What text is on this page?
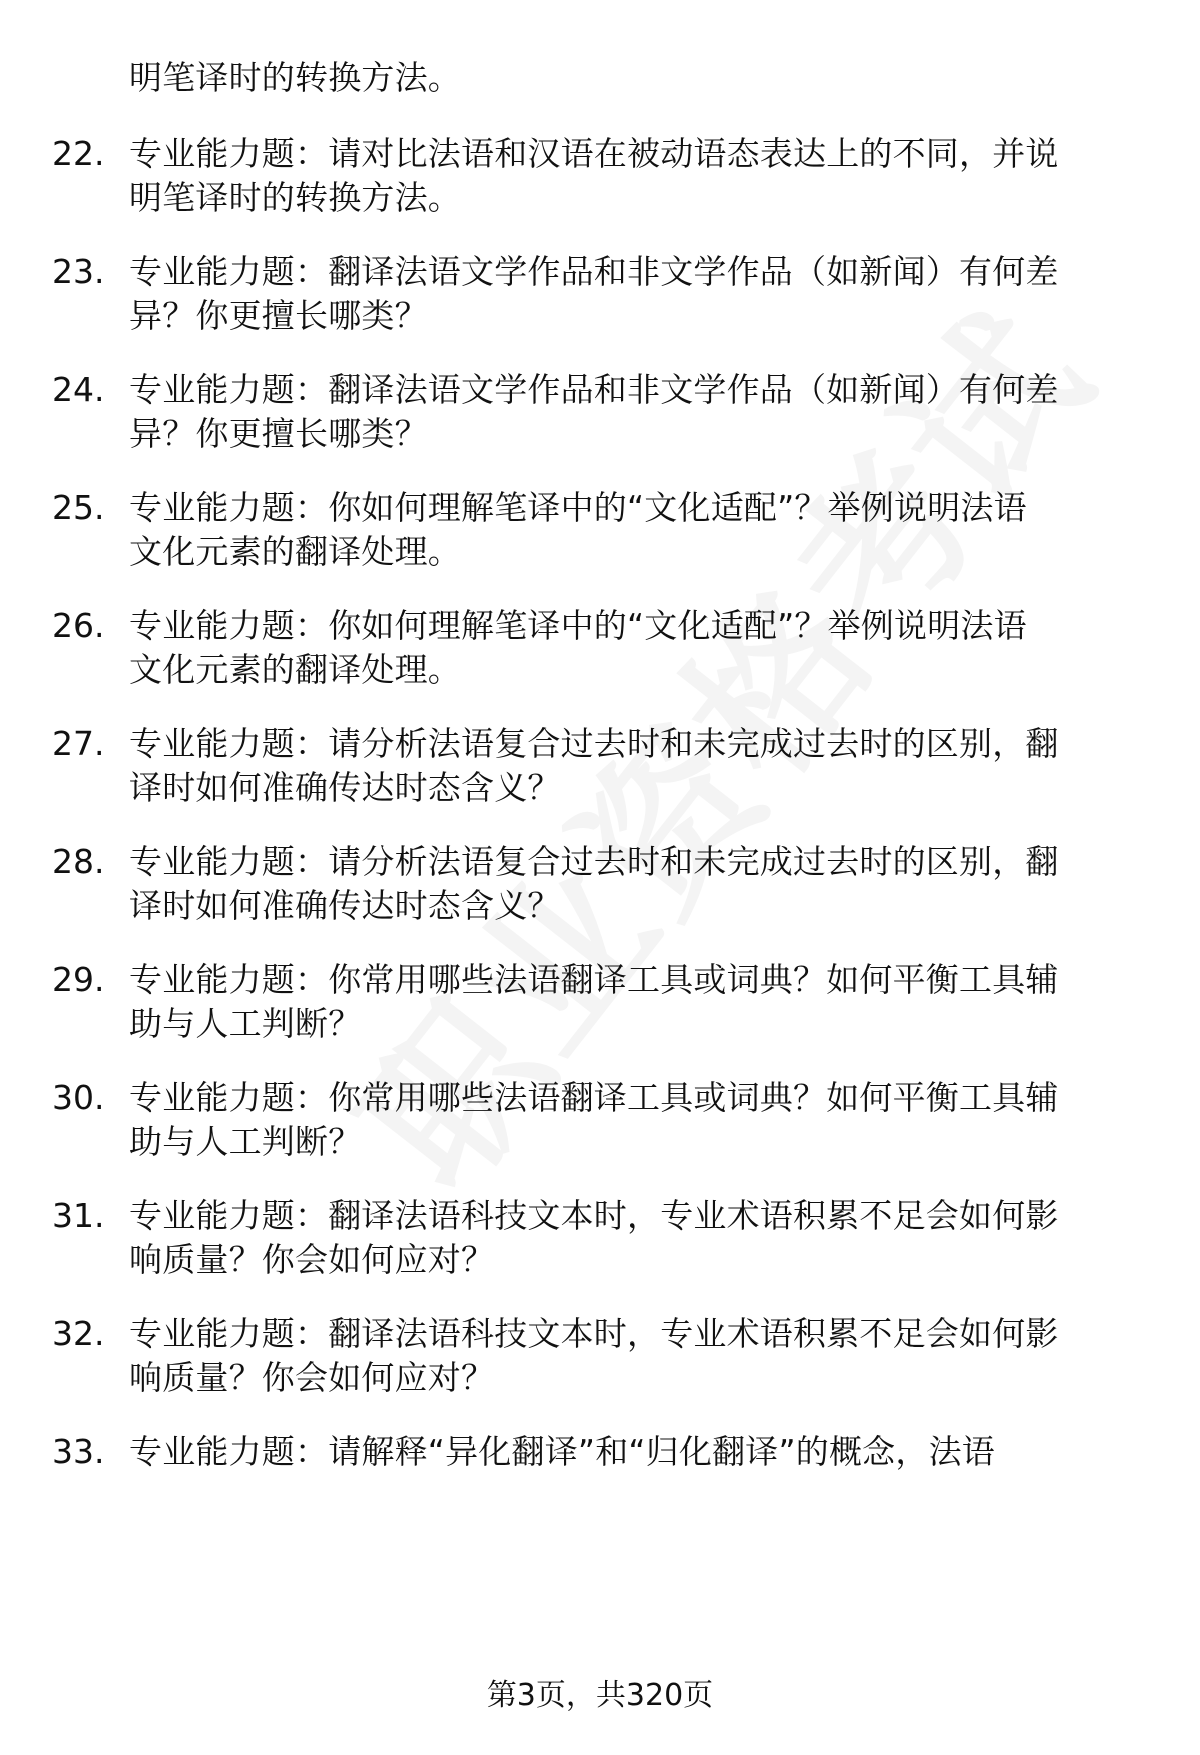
明笔译时的转换方法。
22. 专业能力题：请对比法语和汉语在被动语态表达上的不同，并说
明笔译时的转换方法。
23. 专业能力题：翻译法语文学作品和非文学作品（如新闻）有何差
异？你更擅长哪类？
24. 专业能力题：翻译法语文学作品和非文学作品（如新闻）有何差
异？你更擅长哪类？
25. 专业能力题：你如何理解笔译中的“文化适配”？举例说明法语
文化元素的翻译处理。
26. 专业能力题：你如何理解笔译中的“文化适配”？举例说明法语
文化元素的翻译处理。
27. 专业能力题：请分析法语复合过去时和未完成过去时的区别，翻
译时如何准确传达时态含义？
28. 专业能力题：请分析法语复合过去时和未完成过去时的区别，翻
译时如何准确传达时态含义？
29. 专业能力题：你常用哪些法语翻译工具或词典？如何平衡工具辅
助与人工判断？
30. 专业能力题：你常用哪些法语翻译工具或词典？如何平衡工具辅
助与人工判断？
31. 专业能力题：翻译法语科技文本时，专业术语积累不足会如何影
响质量？你会如何应对？
32. 专业能力题：翻译法语科技文本时，专业术语积累不足会如何影
响质量？你会如何应对？
33. 专业能力题：请解释“异化翻译”和“归化翻译”的概念，法语
第3页，共320页
